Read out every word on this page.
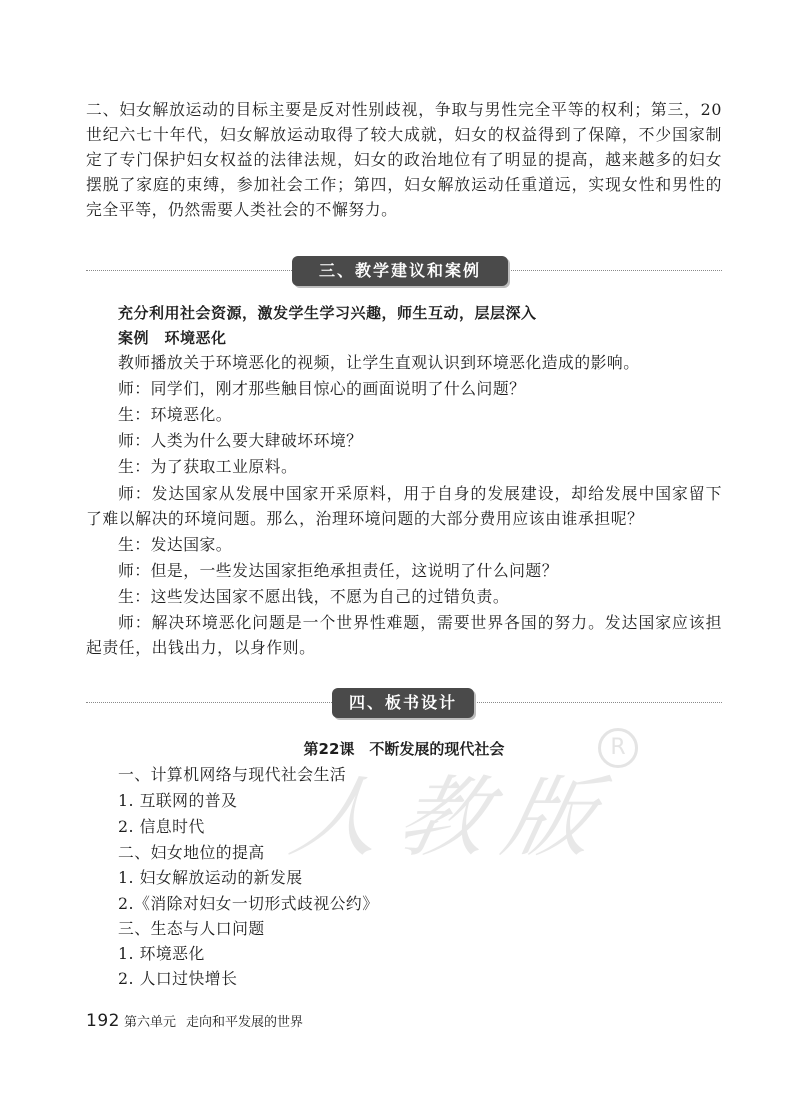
人教版
R

二、妇女解放运动的目标主要是反对性别歧视，争取与男性完全平等的权利；第三，20世纪六七十年代，妇女解放运动取得了较大成就，妇女的权益得到了保障，不少国家制定了专门保护妇女权益的法律法规，妇女的政治地位有了明显的提高，越来越多的妇女摆脱了家庭的束缚，参加社会工作；第四，妇女解放运动任重道远，实现女性和男性的完全平等，仍然需要人类社会的不懈努力。

三、教学建议和案例
充分利用社会资源，激发学生学习兴趣，师生互动，层层深入
案例　环境恶化
教师播放关于环境恶化的视频，让学生直观认识到环境恶化造成的影响。
师：同学们，刚才那些触目惊心的画面说明了什么问题？
生：环境恶化。
师：人类为什么要大肆破坏环境？
生：为了获取工业原料。

师：发达国家从发展中国家开采原料，用于自身的发展建设，却给发展中国家留下了难以解决的环境问题。那么，治理环境问题的大部分费用应该由谁承担呢？

生：发达国家。
师：但是，一些发达国家拒绝承担责任，这说明了什么问题？
生：这些发达国家不愿出钱，不愿为自己的过错负责。

师：解决环境恶化问题是一个世界性难题，需要世界各国的努力。发达国家应该担起责任，出钱出力，以身作则。

四、板书设计
第22课　不断发展的现代社会
一、计算机网络与现代社会生活
1. 互联网的普及
2. 信息时代
二、妇女地位的提高
1. 妇女解放运动的新发展
2.《消除对妇女一切形式歧视公约》
三、生态与人口问题
1. 环境恶化
2. 人口过快增长
192 第六单元 走向和平发展的世界
